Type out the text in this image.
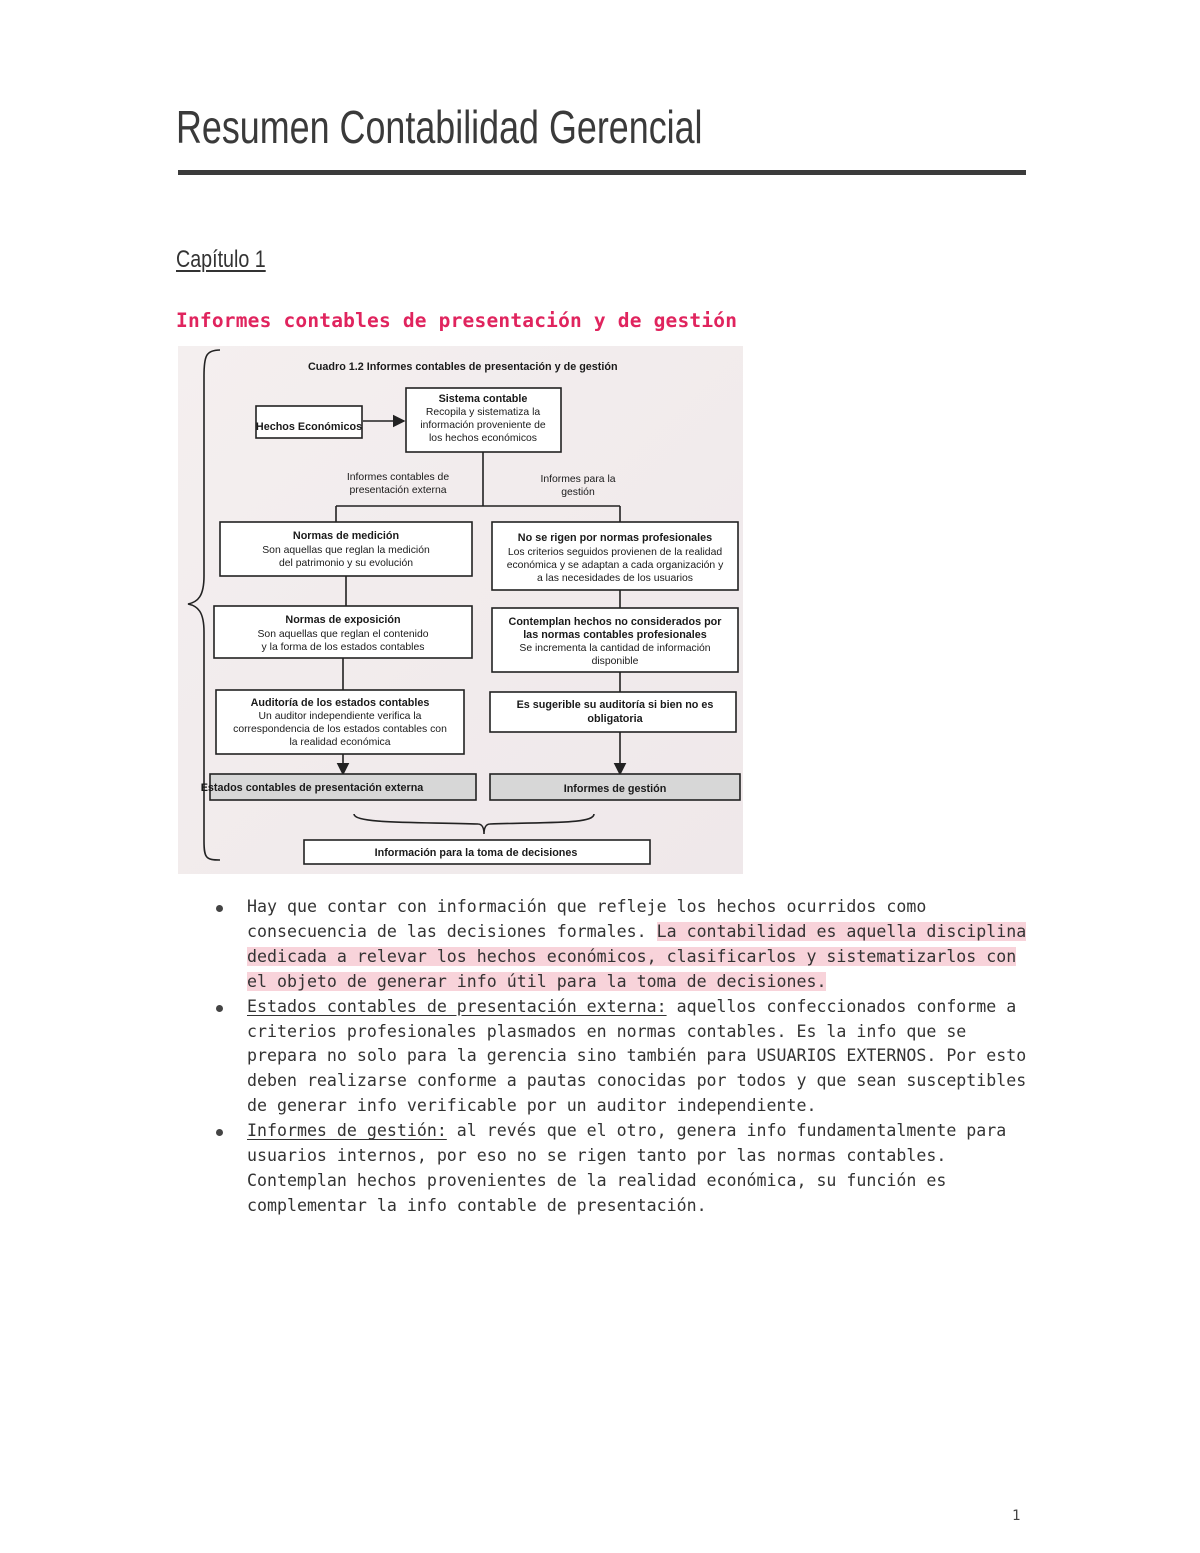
Resumen Contabilidad Gerencial
Capítulo 1
Informes contables de presentación y de gestión
Cuadro 1.2 Informes contables de presentación y de gestión
Hechos Económicos
Sistema contable
Recopila y sistematiza la
información proveniente de
los hechos económicos
Informes contables de
presentación externa
Informes para la
gestión
Normas de medición
Son aquellas que reglan la medición
del patrimonio y su evolución
Normas de exposición
Son aquellas que reglan el contenido
y la forma de los estados contables
Auditoría de los estados contables
Un auditor independiente verifica la
correspondencia de los estados contables con
la realidad económica
Estados contables de presentación externa
No se rigen por normas profesionales
Los criterios seguidos provienen de la realidad
económica y se adaptan a cada organización y
a las necesidades de los usuarios
Contemplan hechos no considerados por
las normas contables profesionales
Se incrementa la cantidad de información
disponible
Es sugerible su auditoría si bien no es
obligatoria
Informes de gestión
Información para la toma de decisiones
Hay que contar con información que refleje los hechos ocurridos como consecuencia de las decisiones formales. La contabilidad es aquella disciplina dedicada a relevar los hechos económicos, clasificarlos y sistematizarlos con el objeto de generar info útil para la toma de decisiones.
Estados contables de presentación externa: aquellos confeccionados conforme a criterios profesionales plasmados en normas contables. Es la info que se prepara no solo para la gerencia sino también para USUARIOS EXTERNOS. Por esto deben realizarse conforme a pautas conocidas por todos y que sean susceptibles de generar info verificable por un auditor independiente.
Informes de gestión: al revés que el otro, genera info fundamentalmente para usuarios internos, por eso no se rigen tanto por las normas contables. Contemplan hechos provenientes de la realidad económica, su función es complementar la info contable de presentación.
1
